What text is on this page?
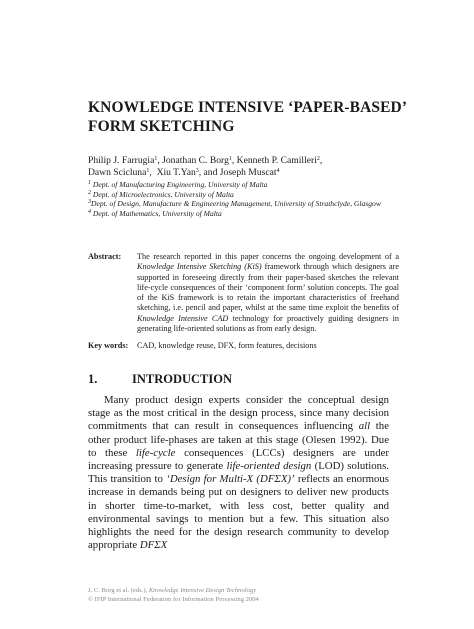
KNOWLEDGE INTENSIVE ‘PAPER-BASED’
FORM SKETCHING
Philip J. Farrugia$^1$, Jonathan C. Borg$^1$, Kenneth P. Camilleri$^2$,
Dawn Scicluna$^1$,  Xiu T.Yan$^3$, and Joseph Muscat$^4$
$^1$ Dept. of Manufacturing Engineering, University of Malta
$^2$ Dept. of Microelectronics, University of Malta
$^3$Dept. of Design, Manufacture & Engineering Management, University of Strathclyde, Glasgow
$^4$ Dept. of Mathematics, University of Malta
Abstract: The research reported in this paper concerns the ongoing development of a Knowledge Intensive Sketching (KiS) framework through which designers are supported in foreseeing directly from their paper-based sketches the relevant life-cycle consequences of their ‘component form’ solution concepts. The goal of the KiS framework is to retain the important characteristics of freehand sketching, i.e. pencil and paper, whilst at the same time exploit the benefits of Knowledge Intensive CAD technology for proactively guiding designers in generating life-oriented solutions as from early design.
Key words: CAD, knowledge reuse, DFX, form features, decisions
1.	INTRODUCTION

Many product design experts consider the conceptual design stage as the most critical in the design process, since many decision commitments that can result in consequences influencing all the other product life-phases are taken at this stage (Olesen 1992). Due to these life-cycle consequences (LCCs) designers are under increasing pressure to generate life-oriented design (LOD) solutions. This transition to ‘Design for Multi-X (DFΣX)’ reflects an enormous increase in demands being put on designers to deliver new products in shorter time-to-market, with less cost, better quality and environmental savings to mention but a few. This situation also highlights the need for the design research community to develop appropriate DFΣX

J. C. Borg et al. (eds.), Knowledge Intensive Design Technology
© IFIP International Federation for Information Processing 2004
